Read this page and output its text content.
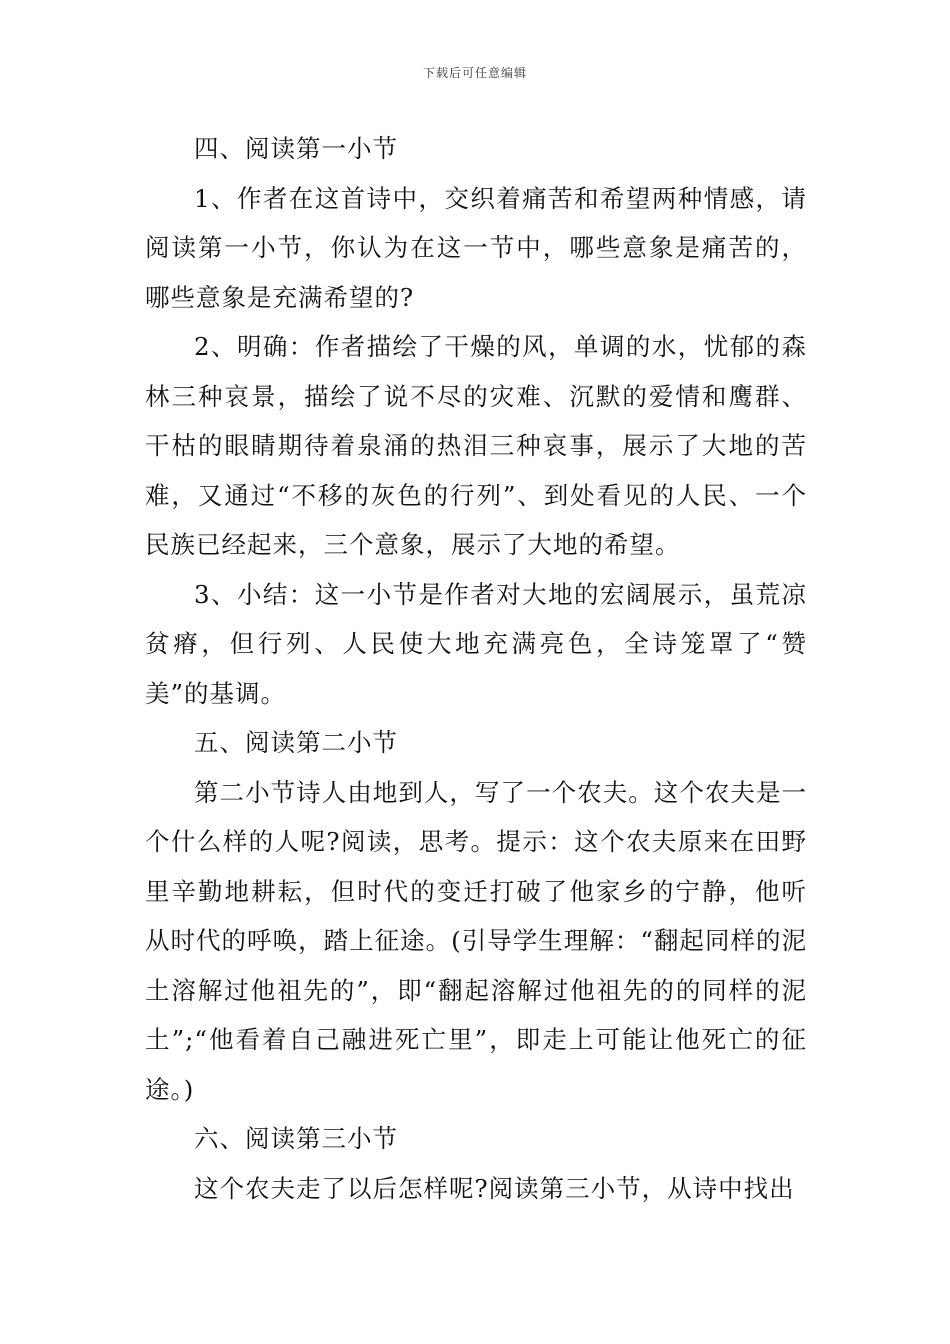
下载后可任意编辑

四、阅读第一小节

1、作者在这首诗中，交织着痛苦和希望两种情感，请阅读第一小节，你认为在这一节中，哪些意象是痛苦的，哪些意象是充满希望的?

2、明确：作者描绘了干燥的风，单调的水，忧郁的森林三种哀景，描绘了说不尽的灾难、沉默的爱情和鹰群、干枯的眼睛期待着泉涌的热泪三种哀事，展示了大地的苦难，又通过“不移的灰色的行列”、到处看见的人民、一个民族已经起来，三个意象，展示了大地的希望。

3、小结：这一小节是作者对大地的宏阔展示，虽荒凉贫瘠，但行列、人民使大地充满亮色，全诗笼罩了“赞美”的基调。

五、阅读第二小节

第二小节诗人由地到人，写了一个农夫。这个农夫是一个什么样的人呢?阅读，思考。提示：这个农夫原来在田野里辛勤地耕耘，但时代的变迁打破了他家乡的宁静，他听从时代的呼唤，踏上征途。(引导学生理解：“翻起同样的泥土溶解过他祖先的”，即“翻起溶解过他祖先的的同样的泥土”;“他看着自己融进死亡里”，即走上可能让他死亡的征途。)

六、阅读第三小节

这个农夫走了以后怎样呢?阅读第三小节，从诗中找出
